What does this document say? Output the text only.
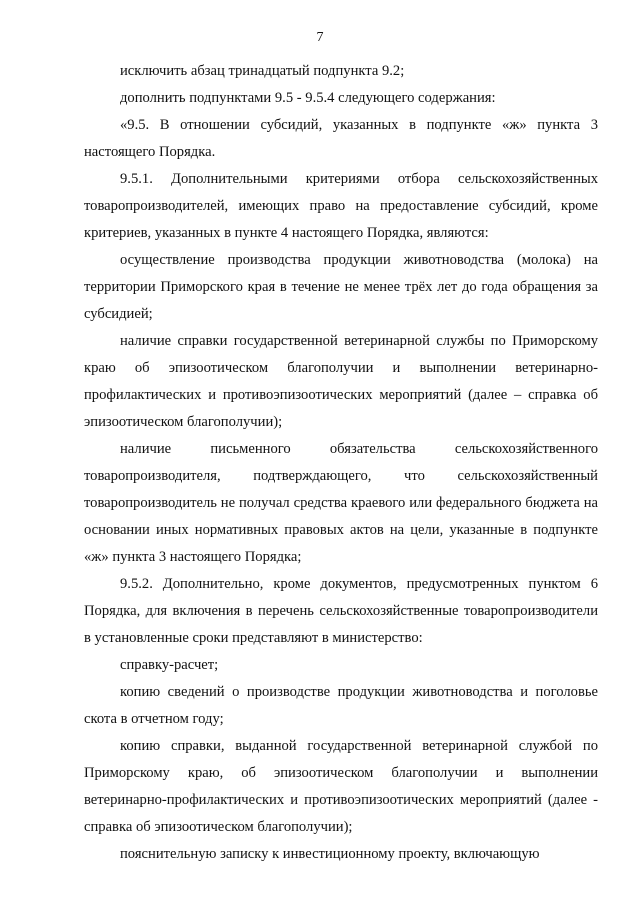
7

исключить абзац тринадцатый подпункта 9.2;

дополнить подпунктами 9.5 - 9.5.4 следующего содержания:

«9.5. В отношении субсидий, указанных в подпункте «ж» пункта 3 настоящего Порядка.

9.5.1. Дополнительными критериями отбора сельскохозяйственных товаропроизводителей, имеющих право на предоставление субсидий, кроме критериев, указанных в пункте 4 настоящего Порядка, являются:

осуществление производства продукции животноводства (молока) на территории Приморского края в течение не менее трёх лет до года обращения за субсидией;

наличие справки государственной ветеринарной службы по Приморскому краю об эпизоотическом благополучии и выполнении ветеринарно-профилактических и противоэпизоотических мероприятий (далее – справка об эпизоотическом благополучии);

наличие письменного обязательства сельскохозяйственного товаропроизводителя, подтверждающего, что сельскохозяйственный товаропроизводитель не получал средства краевого или федерального бюджета на основании иных нормативных правовых актов на цели, указанные в подпункте «ж» пункта 3 настоящего Порядка;

9.5.2. Дополнительно, кроме документов, предусмотренных пунктом 6 Порядка, для включения в перечень сельскохозяйственные товаропроизводители в установленные сроки представляют в министерство:

справку-расчет;

копию сведений о производстве продукции животноводства и поголовье скота в отчетном году;

копию справки, выданной государственной ветеринарной службой по Приморскому краю, об эпизоотическом благополучии и выполнении ветеринарно-профилактических и противоэпизоотических мероприятий (далее - справка об эпизоотическом благополучии);

пояснительную записку к инвестиционному проекту, включающую
